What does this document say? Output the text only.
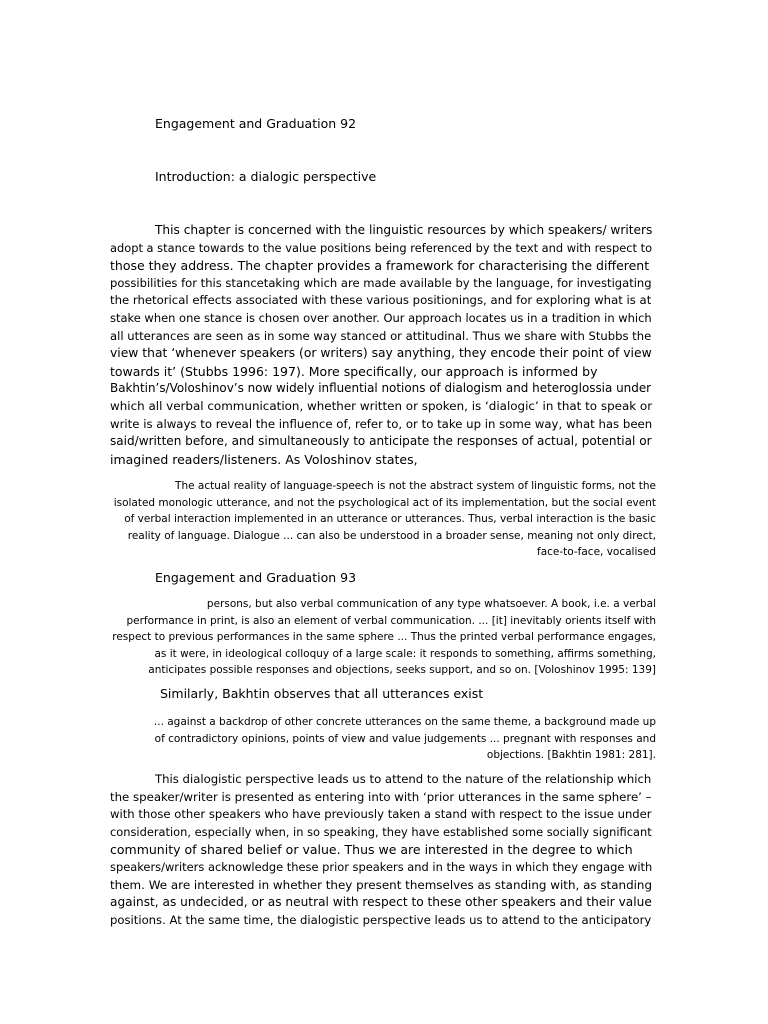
Engagement and Graduation 92
Introduction: a dialogic perspective
This chapter is concerned with the linguistic resources by which speakers/ writers
adopt a stance towards to the value positions being referenced by the text and with respect to
those they address. The chapter provides a framework for characterising the different
possibilities for this stancetaking which are made available by the language, for investigating
the rhetorical effects associated with these various positionings, and for exploring what is at
stake when one stance is chosen over another. Our approach locates us in a tradition in which
all utterances are seen as in some way stanced or attitudinal. Thus we share with Stubbs the
view that ‘whenever speakers (or writers) say anything, they encode their point of view
towards it’ (Stubbs 1996: 197). More specifically, our approach is informed by
Bakhtin’s/Voloshinov’s now widely influential notions of dialogism and heteroglossia under
which all verbal communication, whether written or spoken, is ‘dialogic’ in that to speak or
write is always to reveal the influence of, refer to, or to take up in some way, what has been
said/written before, and simultaneously to anticipate the responses of actual, potential or
imagined readers/listeners. As Voloshinov states,
The actual reality of language-speech is not the abstract system of linguistic forms, not the
isolated monologic utterance, and not the psychological act of its implementation, but the social event
of verbal interaction implemented in an utterance or utterances. Thus, verbal interaction is the basic
reality of language. Dialogue ... can also be understood in a broader sense, meaning not only direct,
face-to-face, vocalised
Engagement and Graduation 93
persons, but also verbal communication of any type whatsoever. A book, i.e. a verbal
performance in print, is also an element of verbal communication. ... [it] inevitably orients itself with
respect to previous performances in the same sphere ... Thus the printed verbal performance engages,
as it were, in ideological colloquy of a large scale: it responds to something, affirms something,
anticipates possible responses and objections, seeks support, and so on. [Voloshinov 1995: 139]
Similarly, Bakhtin observes that all utterances exist
... against a backdrop of other concrete utterances on the same theme, a background made up
of contradictory opinions, points of view and value judgements ... pregnant with responses and
objections. [Bakhtin 1981: 281].
This dialogistic perspective leads us to attend to the nature of the relationship which
the speaker/writer is presented as entering into with ‘prior utterances in the same sphere’ –
with those other speakers who have previously taken a stand with respect to the issue under
consideration, especially when, in so speaking, they have established some socially significant
community of shared belief or value. Thus we are interested in the degree to which
speakers/writers acknowledge these prior speakers and in the ways in which they engage with
them. We are interested in whether they present themselves as standing with, as standing
against, as undecided, or as neutral with respect to these other speakers and their value
positions. At the same time, the dialogistic perspective leads us to attend to the anticipatory
